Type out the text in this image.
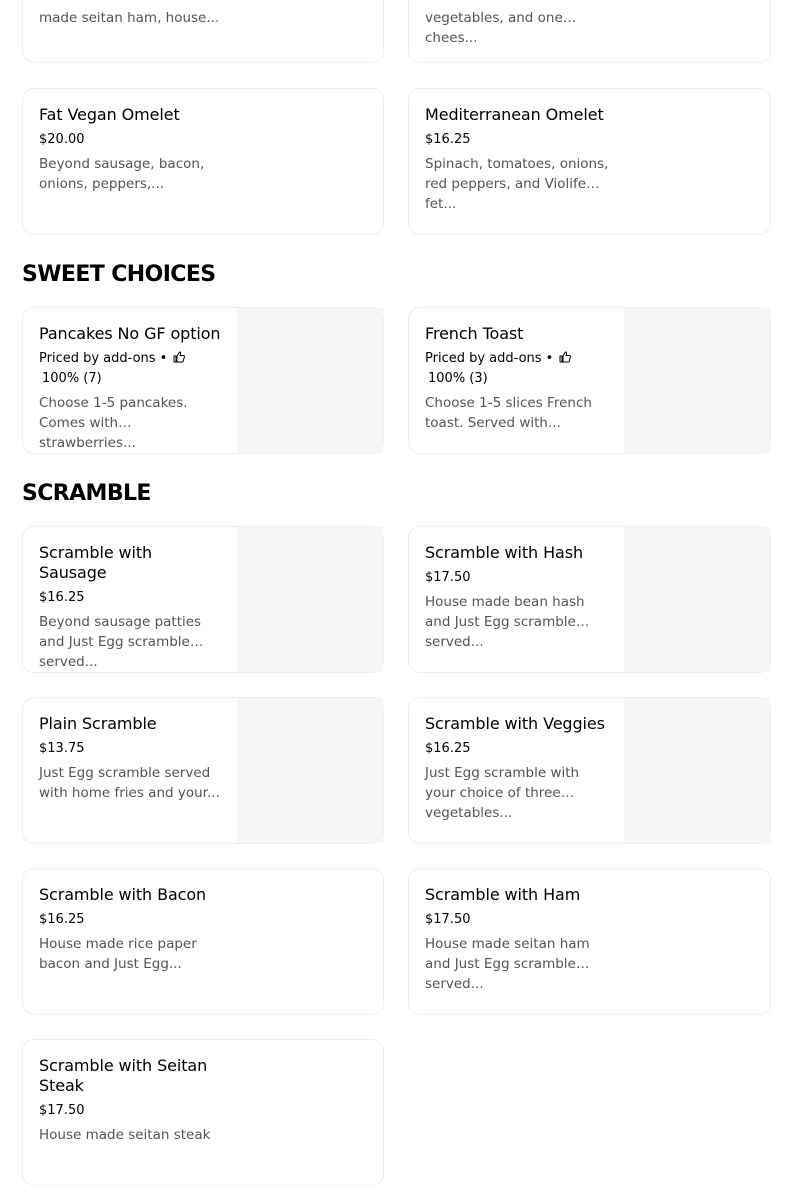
made seitan ham, house...	vegetables, and one chees...
Fat Vegan Omelet
$20.00
Beyond sausage, bacon, onions, peppers,...
Mediterranean Omelet
$16.25
Spinach, tomatoes, onions, red peppers, and Violife fet...
SWEET CHOICES
Pancakes No GF option
Priced by add-ons •
100% (7)
Choose 1-5 pancakes. Comes with strawberries...
French Toast
Priced by add-ons •
100% (3)
Choose 1-5 slices French toast. Served with...
SCRAMBLE
Scramble with Sausage
$16.25
Beyond sausage patties and Just Egg scramble served...
Scramble with Hash
$17.50
House made bean hash and Just Egg scramble served...
Plain Scramble
$13.75
Just Egg scramble served with home fries and your...
Scramble with Veggies
$16.25
Just Egg scramble with your choice of three vegetables...
Scramble with Bacon
$16.25
House made rice paper bacon and Just Egg...
Scramble with Ham
$17.50
House made seitan ham and Just Egg scramble served...
Scramble with Seitan Steak
$17.50
House made seitan steak
